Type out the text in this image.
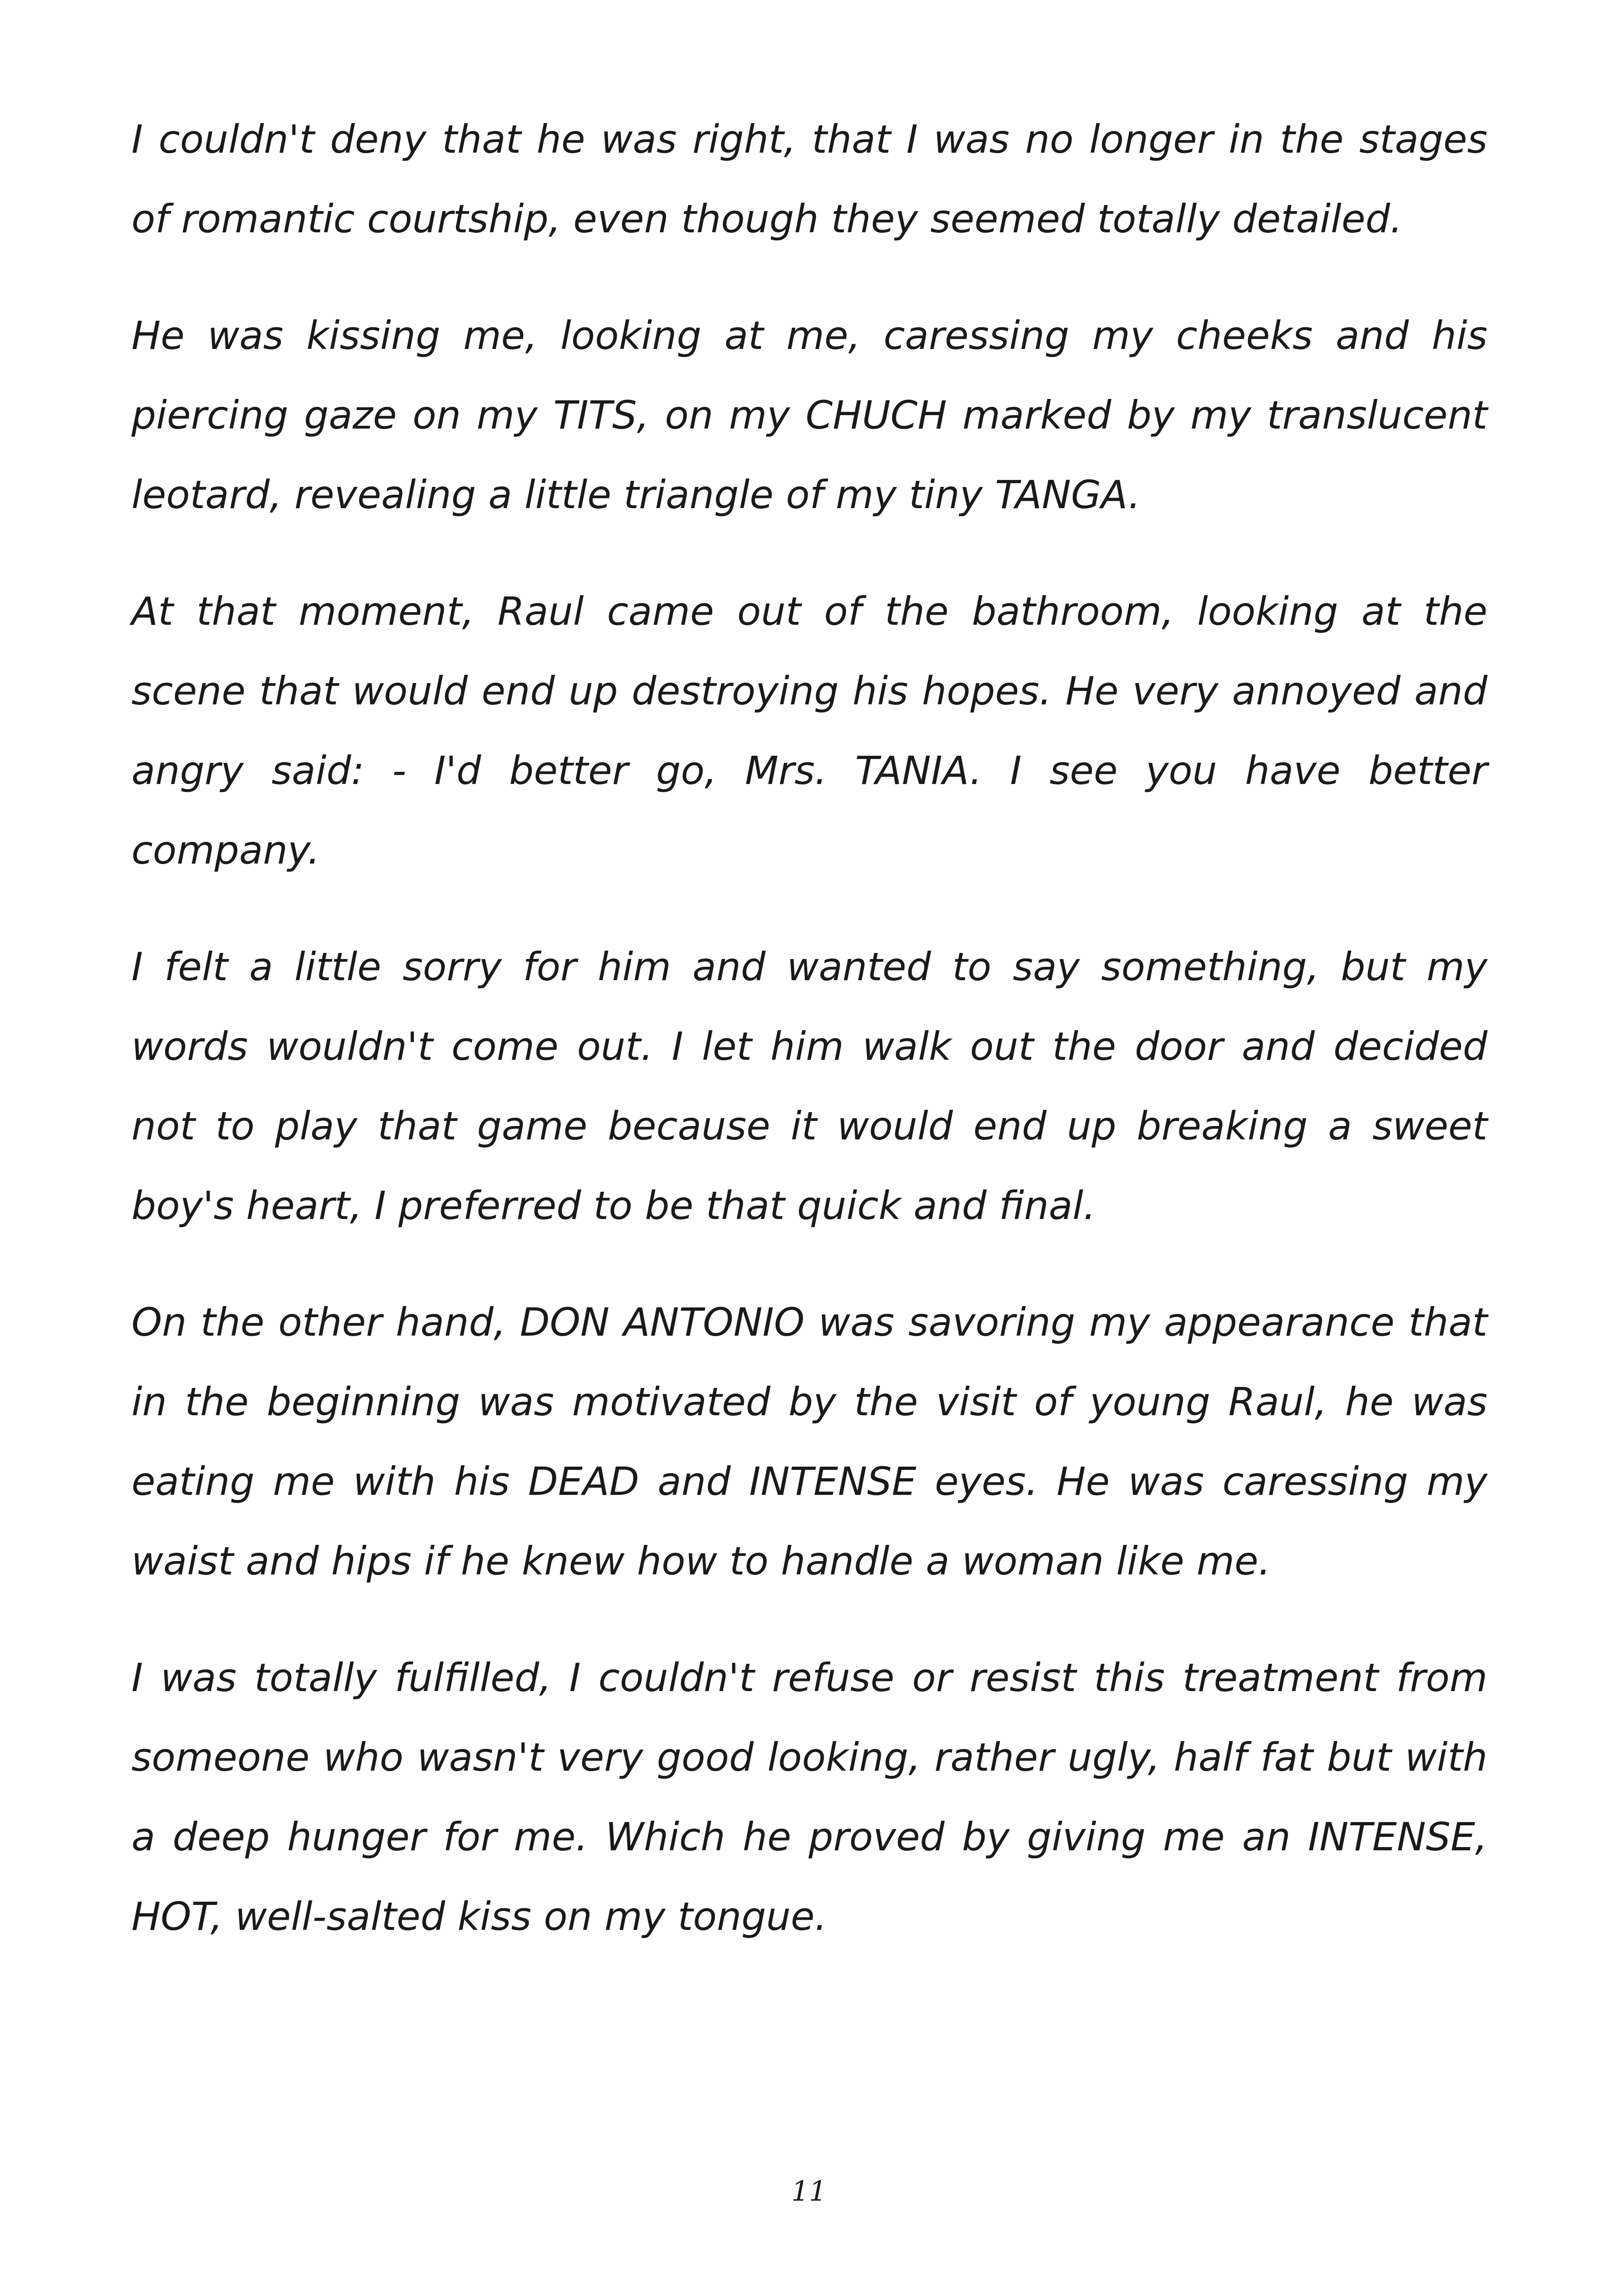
I couldn't deny that he was right, that I was no longer in the stages of romantic courtship, even though they seemed totally detailed.

He was kissing me, looking at me, caressing my cheeks and his piercing gaze on my TITS, on my CHUCH marked by my translucent leotard, revealing a little triangle of my tiny TANGA.

At that moment, Raul came out of the bathroom, looking at the scene that would end up destroying his hopes. He very annoyed and angry said: - I'd better go, Mrs. TANIA. I see you have better company.

I felt a little sorry for him and wanted to say something, but my words wouldn't come out. I let him walk out the door and decided not to play that game because it would end up breaking a sweet boy's heart, I preferred to be that quick and final.

On the other hand, DON ANTONIO was savoring my appearance that in the beginning was motivated by the visit of young Raul, he was eating me with his DEAD and INTENSE eyes. He was caressing my waist and hips if he knew how to handle a woman like me.

I was totally fulfilled, I couldn't refuse or resist this treatment from someone who wasn't very good looking, rather ugly, half fat but with a deep hunger for me. Which he proved by giving me an INTENSE, HOT, well-salted kiss on my tongue.

11
